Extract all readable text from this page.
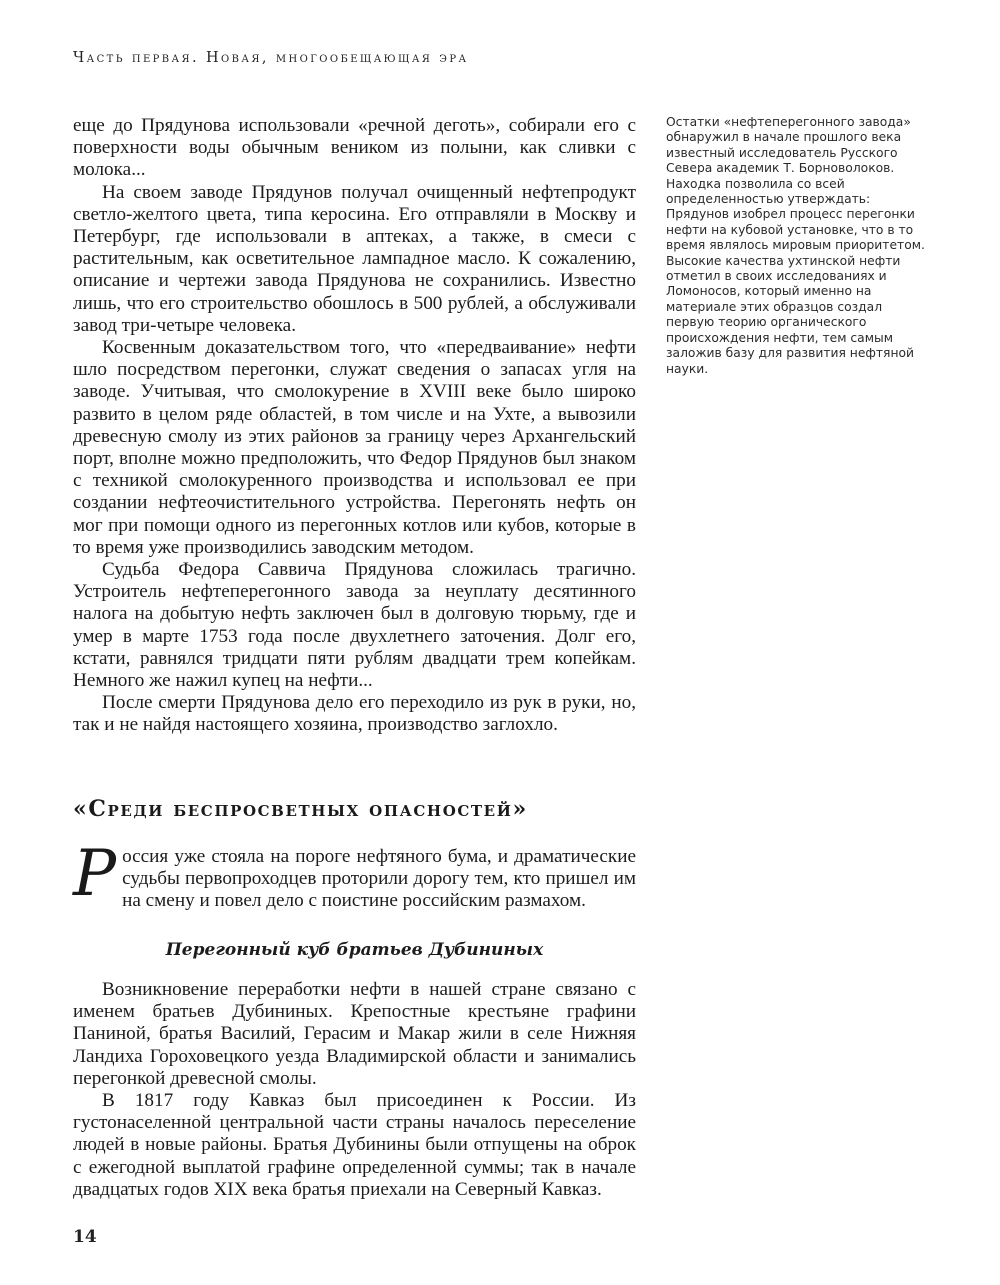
Часть первая. Новая, многообещающая эра

еще до Прядунова использовали «речной деготь», собирали его с поверхности воды обычным веником из полыни, как сливки с молока...

На своем заводе Прядунов получал очищенный нефтепродукт светло-желтого цвета, типа керосина. Его отправляли в Москву и Петербург, где использовали в аптеках, а также, в смеси с растительным, как осветительное лампадное масло. К сожалению, описание и чертежи завода Прядунова не сохранились. Известно лишь, что его строительство обошлось в 500 рублей, а обслуживали завод три-четыре человека.

Косвенным доказательством того, что «передваивание» нефти шло посредством перегонки, служат сведения о запасах угля на заводе. Учитывая, что смолокурение в XVIII веке было широко развито в целом ряде областей, в том числе и на Ухте, а вывозили древесную смолу из этих районов за границу через Архангельский порт, вполне можно предположить, что Федор Прядунов был знаком с техникой смолокуренного производства и использовал ее при создании нефтеочистительного устройства. Перегонять нефть он мог при помощи одного из перегонных котлов или кубов, которые в то время уже производились заводским методом.

Судьба Федора Саввича Прядунова сложилась трагично. Устроитель нефтеперегонного завода за неуплату десятинного налога на добытую нефть заключен был в долговую тюрьму, где и умер в марте 1753 года после двухлетнего заточения. Долг его, кстати, равнялся тридцати пяти рублям двадцати трем копейкам. Немного же нажил купец на нефти...

После смерти Прядунова дело его переходило из рук в руки, но, так и не найдя настоящего хозяина, производство заглохло.

Остатки «нефтеперегонного завода» обнаружил в начале прошлого века известный исследователь Русского Севера академик Т. Борноволоков. Находка позволила со всей определенностью утверждать: Прядунов изобрел процесс перегонки нефти на кубовой установке, что в то время являлось мировым приоритетом. Высокие качества ухтинской нефти отметил в своих исследованиях и Ломоносов, который именно на материале этих образцов создал первую теорию органического происхождения нефти, тем самым заложив базу для развития нефтяной науки.
«Среди беспросветных опасностей»
Россия уже стояла на пороге нефтяного бума, и драматические судьбы первопроходцев проторили дорогу тем, кто пришел им на смену и повел дело с поистине российским размахом.
Перегонный куб братьев Дубининых

Возникновение переработки нефти в нашей стране связано с именем братьев Дубининых. Крепостные крестьяне графини Паниной, братья Василий, Герасим и Макар жили в селе Нижняя Ландиха Гороховецкого уезда Владимирской области и занимались перегонкой древесной смолы.

В 1817 году Кавказ был присоединен к России. Из густонаселенной центральной части страны началось переселение людей в новые районы. Братья Дубинины были отпущены на оброк с ежегодной выплатой графине определенной суммы; так в начале двадцатых годов XIX века братья приехали на Северный Кавказ.

14
